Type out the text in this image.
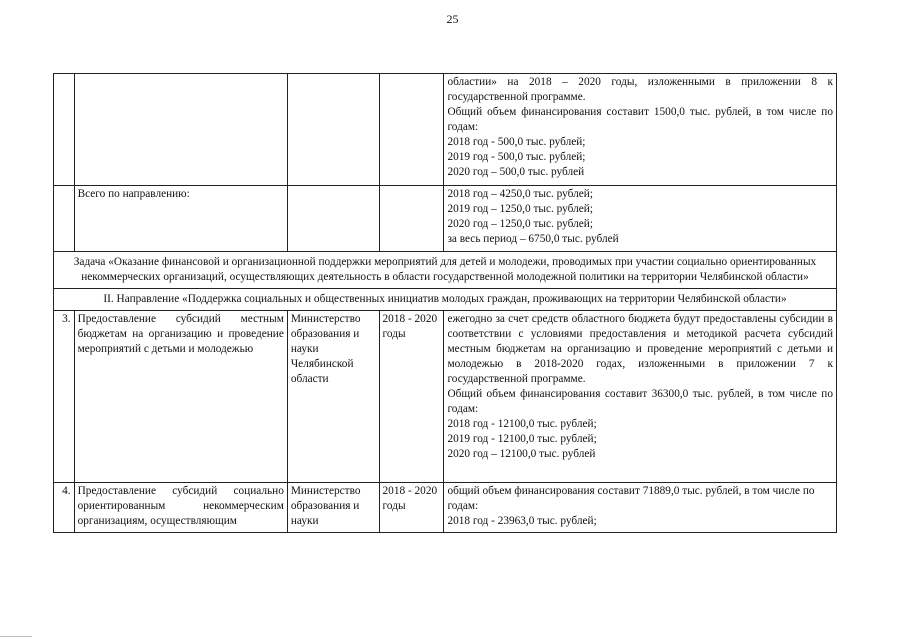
25

				областии» на 2018 – 2020 годы, изложенными в приложении 8 к государственной программе.
Общий объем финансирования составит 1500,0 тыс. рублей, в том числе по годам:
2018 год - 500,0 тыс. рублей;
2019 год - 500,0 тыс. рублей;
2020 год – 500,0 тыс. рублей

	Всего по направлению:			2018 год – 4250,0 тыс. рублей;
2019 год – 1250,0 тыс. рублей;
2020 год – 1250,0 тыс. рублей;
за весь период – 6750,0 тыс. рублей

Задача «Оказание финансовой и организационной поддержки мероприятий для детей и молодежи, проводимых при участии социально ориентированных некоммерческих организаций, осуществляющих деятельность в области государственной молодежной политики на территории Челябинской области»				
II. Направление «Поддержка социальных и общественных инициатив молодых граждан, проживающих на территории Челябинской области»				
3.	Предоставление субсидий местным бюджетам на организацию и проведение мероприятий с детьми и молодежью	Министерство образования и науки Челябинской области	2018 - 2020 годы	ежегодно за счет средств областного бюджета будут предоставлены субсидии в соответствии с условиями предоставления и методикой расчета субсидий местным бюджетам на организацию и проведение мероприятий с детьми и молодежью в 2018-2020 годах, изложенными в приложении 7 к государственной программе.
Общий объем финансирования составит 36300,0 тыс. рублей, в том числе по годам:
2018 год - 12100,0 тыс. рублей;
2019 год - 12100,0 тыс. рублей;
2020 год – 12100,0 тыс. рублей

4.	Предоставление субсидий социально ориентированным некоммерческим организациям, осуществляющим	Министерство образования и науки	2018 - 2020 годы	общий объем финансирования составит 71889,0 тыс. рублей, в том числе по годам:
2018 год - 23963,0 тыс. рублей;
